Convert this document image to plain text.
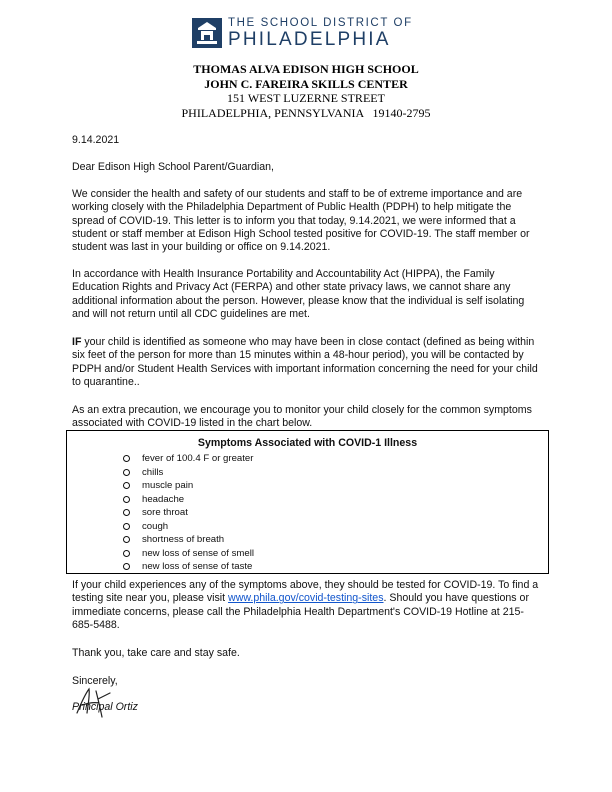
THE SCHOOL DISTRICT OF
PHILADELPHIA
THOMAS ALVA EDISON HIGH SCHOOL
JOHN C. FAREIRA SKILLS CENTER
151 WEST LUZERNE STREET
PHILADELPHIA, PENNSYLVANIA   19140-2795
9.14.2021
Dear Edison High School Parent/Guardian,

We consider the health and safety of our students and staff to be of extreme importance and are working closely with the Philadelphia Department of Public Health (PDPH) to help mitigate the spread of COVID-19. This letter is to inform you that today, 9.14.2021, we were informed that a student or staff member at Edison High School tested positive for COVID-19. The staff member or student was last in your building or office on 9.14.2021.

In accordance with Health Insurance Portability and Accountability Act (HIPPA), the Family Education Rights and Privacy Act (FERPA) and other state privacy laws, we cannot share any additional information about the person. However, please know that the individual is self isolating and will not return until all CDC guidelines are met.

IF your child is identified as someone who may have been in close contact (defined as being within six feet of the person for more than 15 minutes within a 48-hour period), you will be contacted by PDPH and/or Student Health Services with important information concerning the need for your child to quarantine..

As an extra precaution, we encourage you to monitor your child closely for the common symptoms associated with COVID-19 listed in the chart below.

Symptoms Associated with COVID-1 Illness
fever of 100.4 F or greater
chills
muscle pain
headache
sore throat
cough
shortness of breath
new loss of sense of smell
new loss of sense of taste

If your child experiences any of the symptoms above, they should be tested for COVID-19. To find a testing site near you, please visit www.phila.gov/covid-testing-sites. Should you have questions or immediate concerns, please call the Philadelphia Health Department's COVID-19 Hotline at 215-685-5488.

Thank you, take care and stay safe.
Sincerely,
Principal Ortiz
